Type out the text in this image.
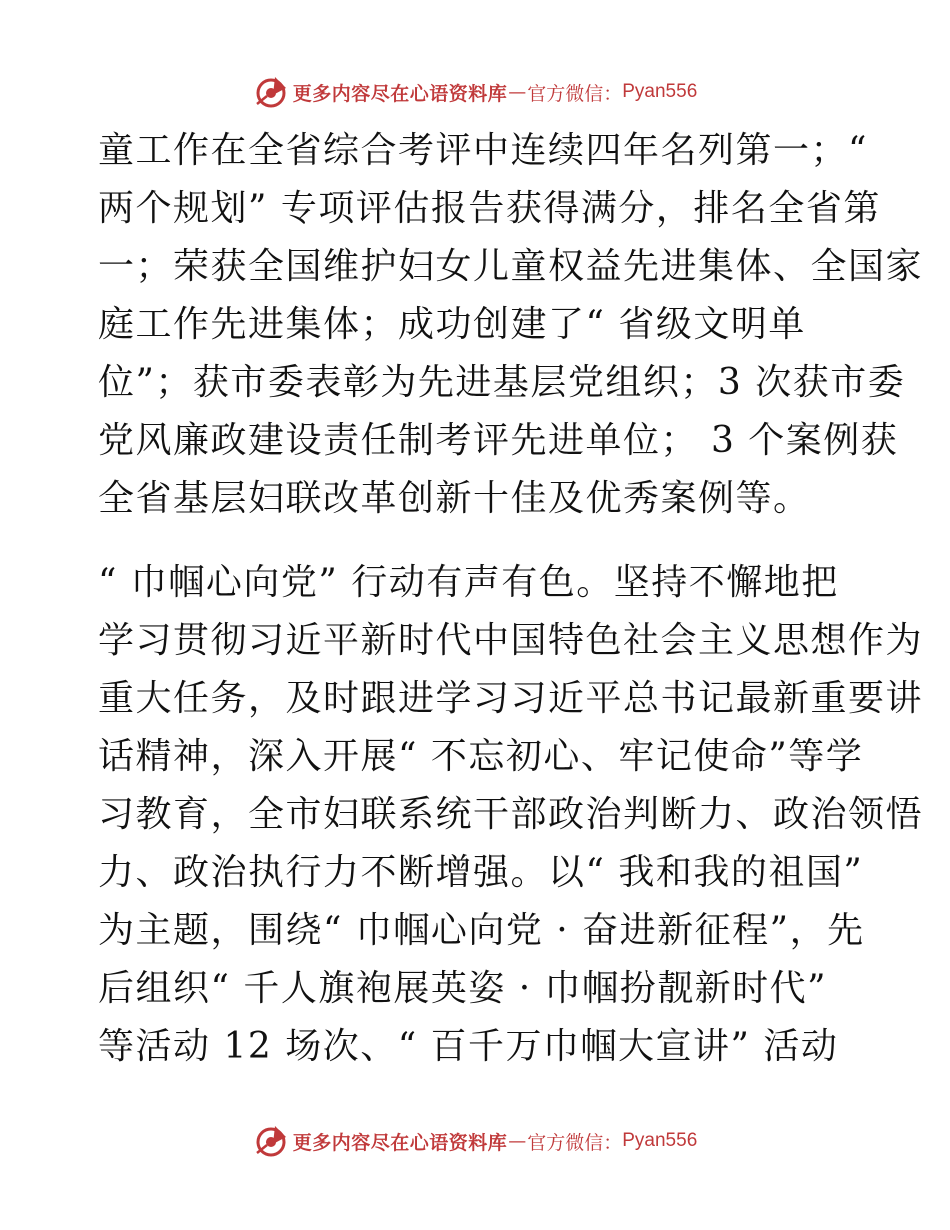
更多内容尽在心语资料库 — 官方微信： Pyan556
童工作在全省综合考评中连续四年名列第一；“
两个规划” 专项评估报告获得满分，排名全省第
一；荣获全国维护妇女儿童权益先进集体、全国家
庭工作先进集体；成功创建了“ 省级文明单
位”；获市委表彰为先进基层党组织；3 次获市委
党风廉政建设责任制考评先进单位； 3 个案例获
全省基层妇联改革创新十佳及优秀案例等。
“ 巾帼心向党” 行动有声有色。坚持不懈地把
学习贯彻习近平新时代中国特色社会主义思想作为
重大任务，及时跟进学习习近平总书记最新重要讲
话精神，深入开展“ 不忘初心、牢记使命”等学
习教育，全市妇联系统干部政治判断力、政治领悟
力、政治执行力不断增强。以“ 我和我的祖国”
为主题，围绕“ 巾帼心向党 · 奋进新征程”，先
后组织“ 千人旗袍展英姿 · 巾帼扮靓新时代”
等活动 12 场次、“ 百千万巾帼大宣讲” 活动
更多内容尽在心语资料库 — 官方微信： Pyan556
